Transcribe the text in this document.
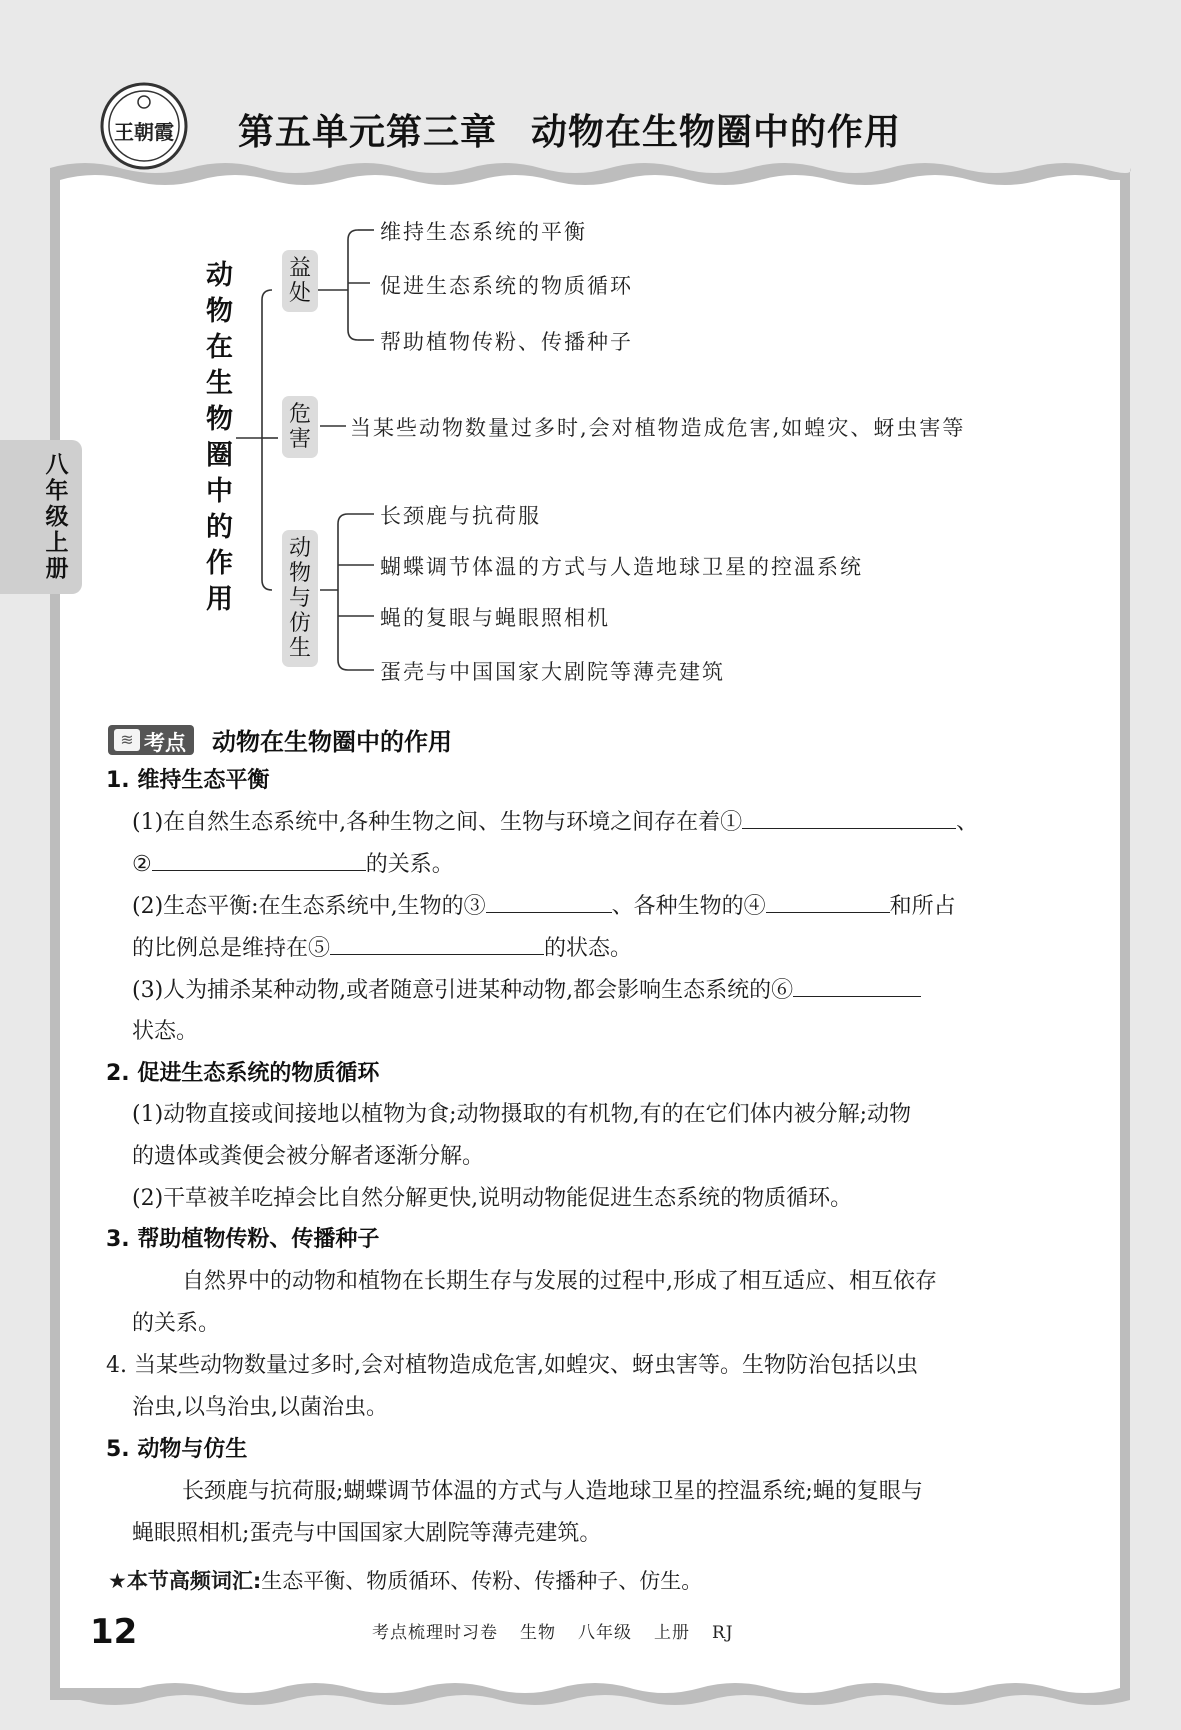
王朝霞	第五单元第三章 动物在生物圈中的作用
八年级上册
动物在生物圈中的作用
益处
维持生态系统的平衡
促进生态系统的物质循环
帮助植物传粉、传播种子
危害	当某些动物数量过多时,会对植物造成危害,如蝗灾、蚜虫害等
动物与仿生
长颈鹿与抗荷服
蝴蝶调节体温的方式与人造地球卫星的控温系统
蝇的复眼与蝇眼照相机
蛋壳与中国国家大剧院等薄壳建筑
≋ 考点 动物在生物圈中的作用
1. 维持生态平衡
(1)在自然生态系统中,各种生物之间、生物与环境之间存在着①	、
②	的关系。
(2)生态平衡:在生态系统中,生物的③	、各种生物的④	和所占
的比例总是维持在⑤	的状态。
(3)人为捕杀某种动物,或者随意引进某种动物,都会影响生态系统的⑥
状态。
2. 促进生态系统的物质循环
(1)动物直接或间接地以植物为食;动物摄取的有机物,有的在它们体内被分解;动物
的遗体或粪便会被分解者逐渐分解。
(2)干草被羊吃掉会比自然分解更快,说明动物能促进生态系统的物质循环。
3. 帮助植物传粉、传播种子
自然界中的动物和植物在长期生存与发展的过程中,形成了相互适应、相互依存
的关系。
4. 当某些动物数量过多时,会对植物造成危害,如蝗灾、蚜虫害等。生物防治包括以虫
治虫,以鸟治虫,以菌治虫。
5. 动物与仿生
长颈鹿与抗荷服;蝴蝶调节体温的方式与人造地球卫星的控温系统;蝇的复眼与
蝇眼照相机;蛋壳与中国国家大剧院等薄壳建筑。
★本节高频词汇:生态平衡、物质循环、传粉、传播种子、仿生。
12	考点梳理时习卷 生物 八年级 上册 RJ
